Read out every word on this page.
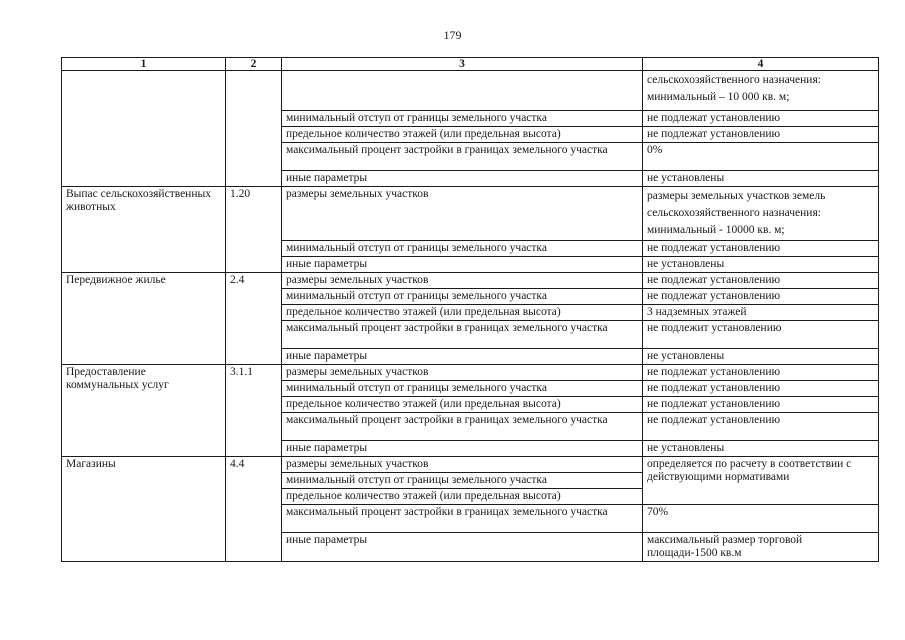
179
1	2	3	4
			сельскохозяйственного назначения: минимальный – 10 000 кв. м;
		минимальный отступ от границы земельного участка	не подлежат установлению
		предельное количество этажей (или предельная высота)	не подлежат установлению
		максимальный процент застройки в границах земельного участка	0%
		иные параметры	не установлены
Выпас сельскохозяйственных животных	1.20	размеры земельных участков	размеры земельных участков земель сельскохозяйственного назначения: минимальный - 10000 кв. м;
		минимальный отступ от границы земельного участка	не подлежат установлению
		иные параметры	не установлены
Передвижное жилье	2.4	размеры земельных участков	не подлежат установлению
		минимальный отступ от границы земельного участка	не подлежат установлению
		предельное количество этажей (или предельная высота)	3 надземных этажей
		максимальный процент застройки в границах земельного участка	не подлежит установлению
		иные параметры	не установлены
Предоставление коммунальных услуг	3.1.1	размеры земельных участков	не подлежат установлению
		минимальный отступ от границы земельного участка	не подлежат установлению
		предельное количество этажей (или предельная высота)	не подлежат установлению
		максимальный процент застройки в границах земельного участка	не подлежат установлению
		иные параметры	не установлены
Магазины	4.4	размеры земельных участков	определяется по расчету в соответствии с действующими нормативами
		минимальный отступ от границы земельного участка	
		предельное количество этажей (или предельная высота)	
		максимальный процент застройки в границах земельного участка	70%
		иные параметры	максимальный размер торговой площади-1500 кв.м
